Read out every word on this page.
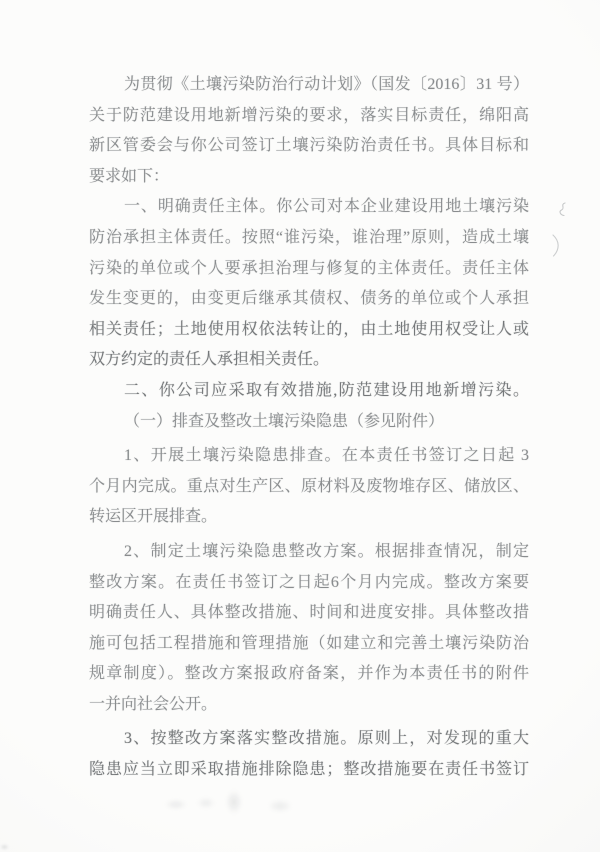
为贯彻《土壤污染防治行动计划》（国发〔2016〕31 号）
关于防范建设用地新增污染的要求，落实目标责任，绵阳高
新区管委会与你公司签订土壤污染防治责任书。具体目标和
要求如下：
一、明确责任主体。你公司对本企业建设用地土壤污染
防治承担主体责任。按照“谁污染，谁治理”原则，造成土壤
污染的单位或个人要承担治理与修复的主体责任。责任主体
发生变更的，由变更后继承其债权、债务的单位或个人承担
相关责任；土地使用权依法转让的，由土地使用权受让人或
双方约定的责任人承担相关责任。
二、你公司应采取有效措施,防范建设用地新增污染。
（一）排查及整改土壤污染隐患（参见附件）
1、开展土壤污染隐患排查。在本责任书签订之日起 3
个月内完成。重点对生产区、原材料及废物堆存区、储放区、
转运区开展排查。
2、制定土壤污染隐患整改方案。根据排查情况，制定
整改方案。在责任书签订之日起6个月内完成。整改方案要
明确责任人、具体整改措施、时间和进度安排。具体整改措
施可包括工程措施和管理措施（如建立和完善土壤污染防治
规章制度）。整改方案报政府备案，并作为本责任书的附件
一并向社会公开。
3、按整改方案落实整改措施。原则上，对发现的重大
隐患应当立即采取措施排除隐患；整改措施要在责任书签订
